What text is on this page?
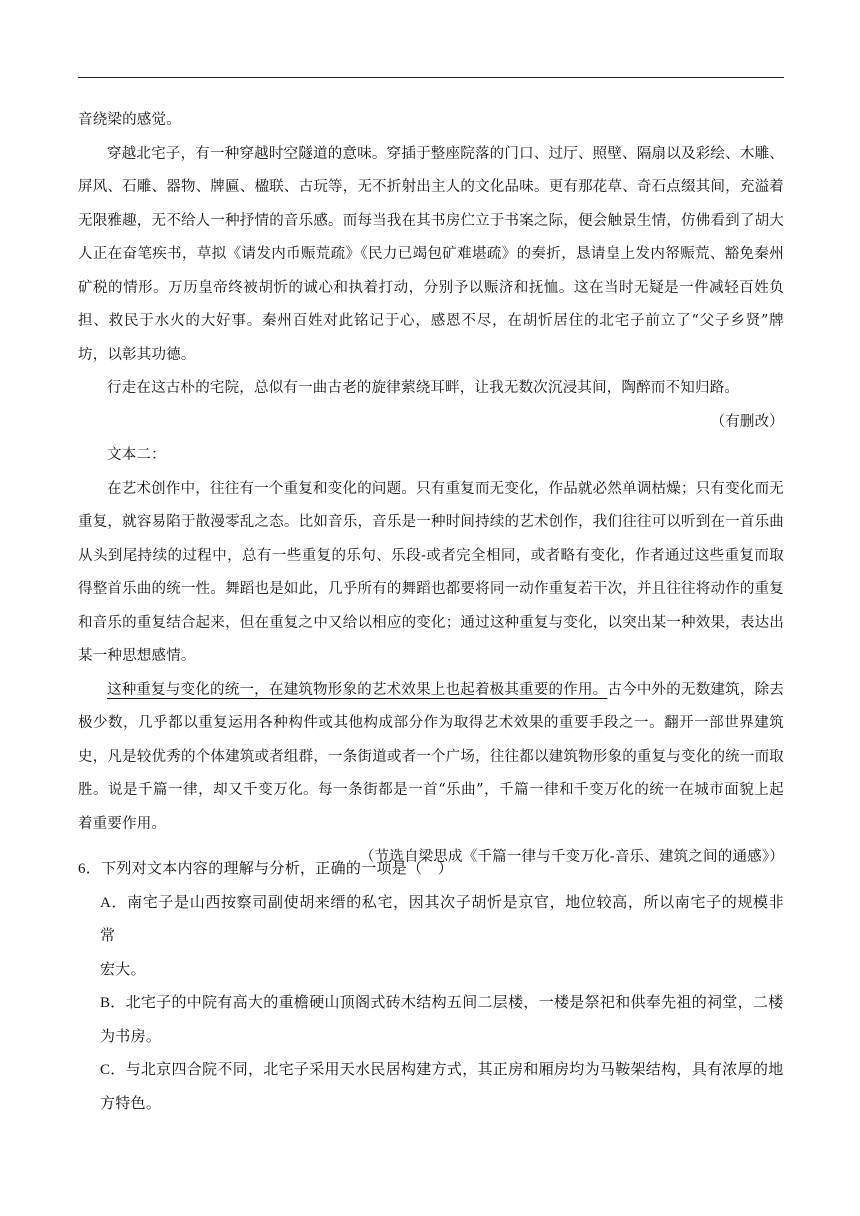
音绕梁的感觉。

穿越北宅子，有一种穿越时空隧道的意味。穿插于整座院落的门口、过厅、照壁、隔扇以及彩绘、木雕、屏风、石雕、器物、牌匾、楹联、古玩等，无不折射出主人的文化品味。更有那花草、奇石点缀其间，充溢着无限雅趣，无不给人一种抒情的音乐感。而每当我在其书房伫立于书案之际，便会触景生情，仿佛看到了胡大人正在奋笔疾书，草拟《请发内币赈荒疏》《民力已竭包矿难堪疏》的奏折，恳请皇上发内帑赈荒、豁免秦州矿税的情形。万历皇帝终被胡忻的诚心和执着打动，分别予以赈济和抚恤。这在当时无疑是一件减轻百姓负担、救民于水火的大好事。秦州百姓对此铭记于心，感恩不尽，在胡忻居住的北宅子前立了“父子乡贤”牌坊，以彰其功德。

行走在这古朴的宅院，总似有一曲古老的旋律萦绕耳畔，让我无数次沉浸其间，陶醉而不知归路。

（有删改）

文本二：

在艺术创作中，往往有一个重复和变化的问题。只有重复而无变化，作品就必然单调枯燥；只有变化而无重复，就容易陷于散漫零乱之态。比如音乐，音乐是一种时间持续的艺术创作，我们往往可以听到在一首乐曲从头到尾持续的过程中，总有一些重复的乐句、乐段-或者完全相同，或者略有变化，作者通过这些重复而取得整首乐曲的统一性。舞蹈也是如此，几乎所有的舞蹈也都要将同一动作重复若干次，并且往往将动作的重复和音乐的重复结合起来，但在重复之中又给以相应的变化；通过这种重复与变化，以突出某一种效果，表达出某一种思想感情。

这种重复与变化的统一，在建筑物形象的艺术效果上也起着极其重要的作用。古今中外的无数建筑，除去极少数，几乎都以重复运用各种构件或其他构成部分作为取得艺术效果的重要手段之一。翻开一部世界建筑史，凡是较优秀的个体建筑或者组群，一条街道或者一个广场，往往都以建筑物形象的重复与变化的统一而取胜。说是千篇一律，却又千变万化。每一条街都是一首“乐曲”，千篇一律和千变万化的统一在城市面貌上起着重要作用。

（节选自梁思成《千篇一律与千变万化-音乐、建筑之间的通感》）

6．下列对文本内容的理解与分析，正确的一项是（　）

A．南宅子是山西按察司副使胡来缙的私宅，因其次子胡忻是京官，地位较高，所以南宅子的规模非常
宏大。

B．北宅子的中院有高大的重檐硬山顶阁式砖木结构五间二层楼，一楼是祭祀和供奉先祖的祠堂，二楼
为书房。

C．与北京四合院不同，北宅子采用天水民居构建方式，其正房和厢房均为马鞍架结构，具有浓厚的地
方特色。
